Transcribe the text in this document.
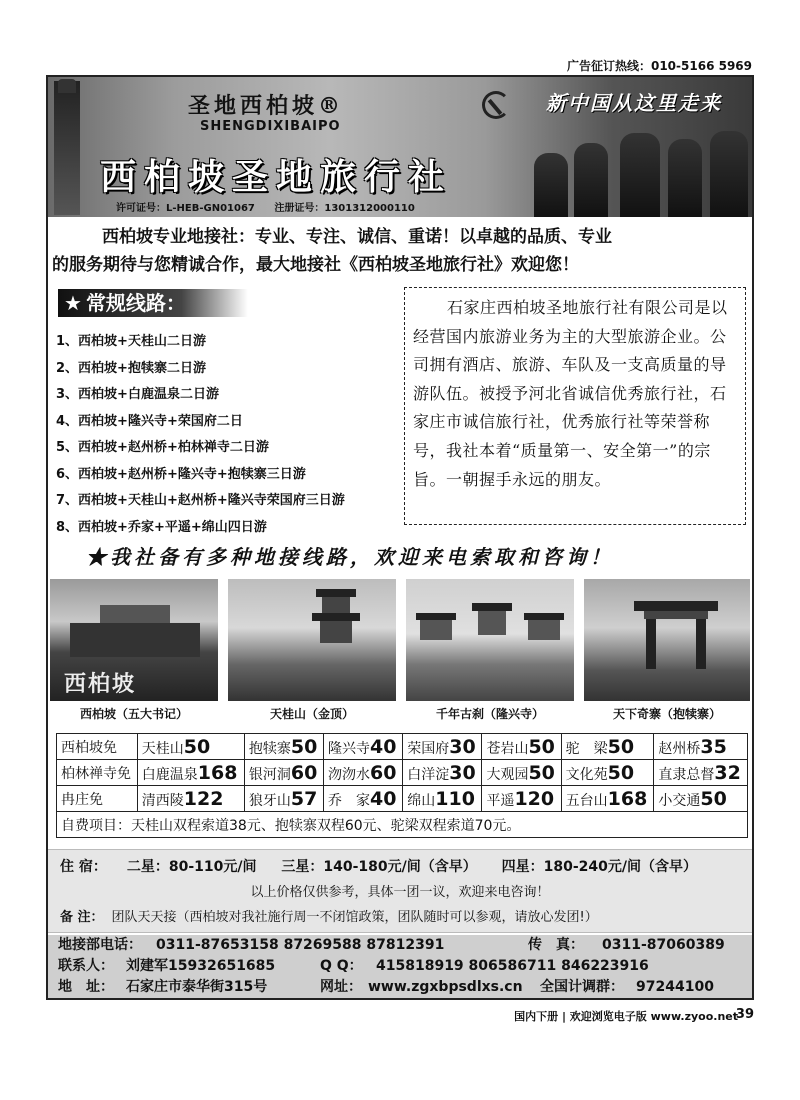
广告征订热线：010-5166 5969
圣地西柏坡®
SHENGDIXIBAIPO
西柏坡圣地旅行社
许可证号：L-HEB-GN01067 注册证号：1301312000110
新中国从这里走来

西柏坡专业地接社：专业、专注、诚信、重诺！以卓越的品质、专业

的服务期待与您精诚合作，最大地接社《西柏坡圣地旅行社》欢迎您！
★ 常规线路：
1、西柏坡+天桂山二日游
2、西柏坡+抱犊寨二日游
3、西柏坡+白鹿温泉二日游
4、西柏坡+隆兴寺+荣国府二日
5、西柏坡+赵州桥+柏林禅寺二日游
6、西柏坡+赵州桥+隆兴寺+抱犊寨三日游
7、西柏坡+天桂山+赵州桥+隆兴寺荣国府三日游
8、西柏坡+乔家+平遥+绵山四日游

石家庄西柏坡圣地旅行社有限公司是以经营国内旅游业务为主的大型旅游企业。公司拥有酒店、旅游、车队及一支高质量的导游队伍。被授予河北省诚信优秀旅行社，石家庄市诚信旅行社，优秀旅行社等荣誉称号，我社本着“质量第一、安全第一”的宗旨。一朝握手永远的朋友。

★我社备有多种地接线路，欢迎来电索取和咨询！
西柏坡
西柏坡（五大书记）	天桂山（金顶）	千年古刹（隆兴寺）	天下奇寨（抱犊寨）
西柏坡免	天桂山50	抱犊寨50	隆兴寺40	荣国府30	苍岩山50	驼　梁50	赵州桥35
柏林禅寺免	白鹿温泉168	银河洞60	沕沕水60	白洋淀30	大观园50	文化苑50	直隶总督32
冉庄免	清西陵122	狼牙山57	乔　家40	绵山110	平遥120	五台山168	小交通50
自费项目：天桂山双程索道38元、抱犊寨双程60元、驼梁双程索道70元。							
住 宿： 二星：80-110元/间 三星：140-180元/间（含早） 四星：180-240元/间（含早）
以上价格仅供参考，具体一团一议，欢迎来电咨询！
备 注： 团队天天接（西柏坡对我社施行周一不闭馆政策，团队随时可以参观，请放心发团!）
地接部电话： 0311-87653158 87269588 87812391	传　真： 0311-87060389
联系人： 刘建军15932651685	Q Q： 415818919 806586711 846223916
地　址： 石家庄市泰华街315号	网址： www.zgxbpsdlxs.cn 全国计调群： 97244100
国内下册 | 欢迎浏览电子版 www.zyoo.net
39
